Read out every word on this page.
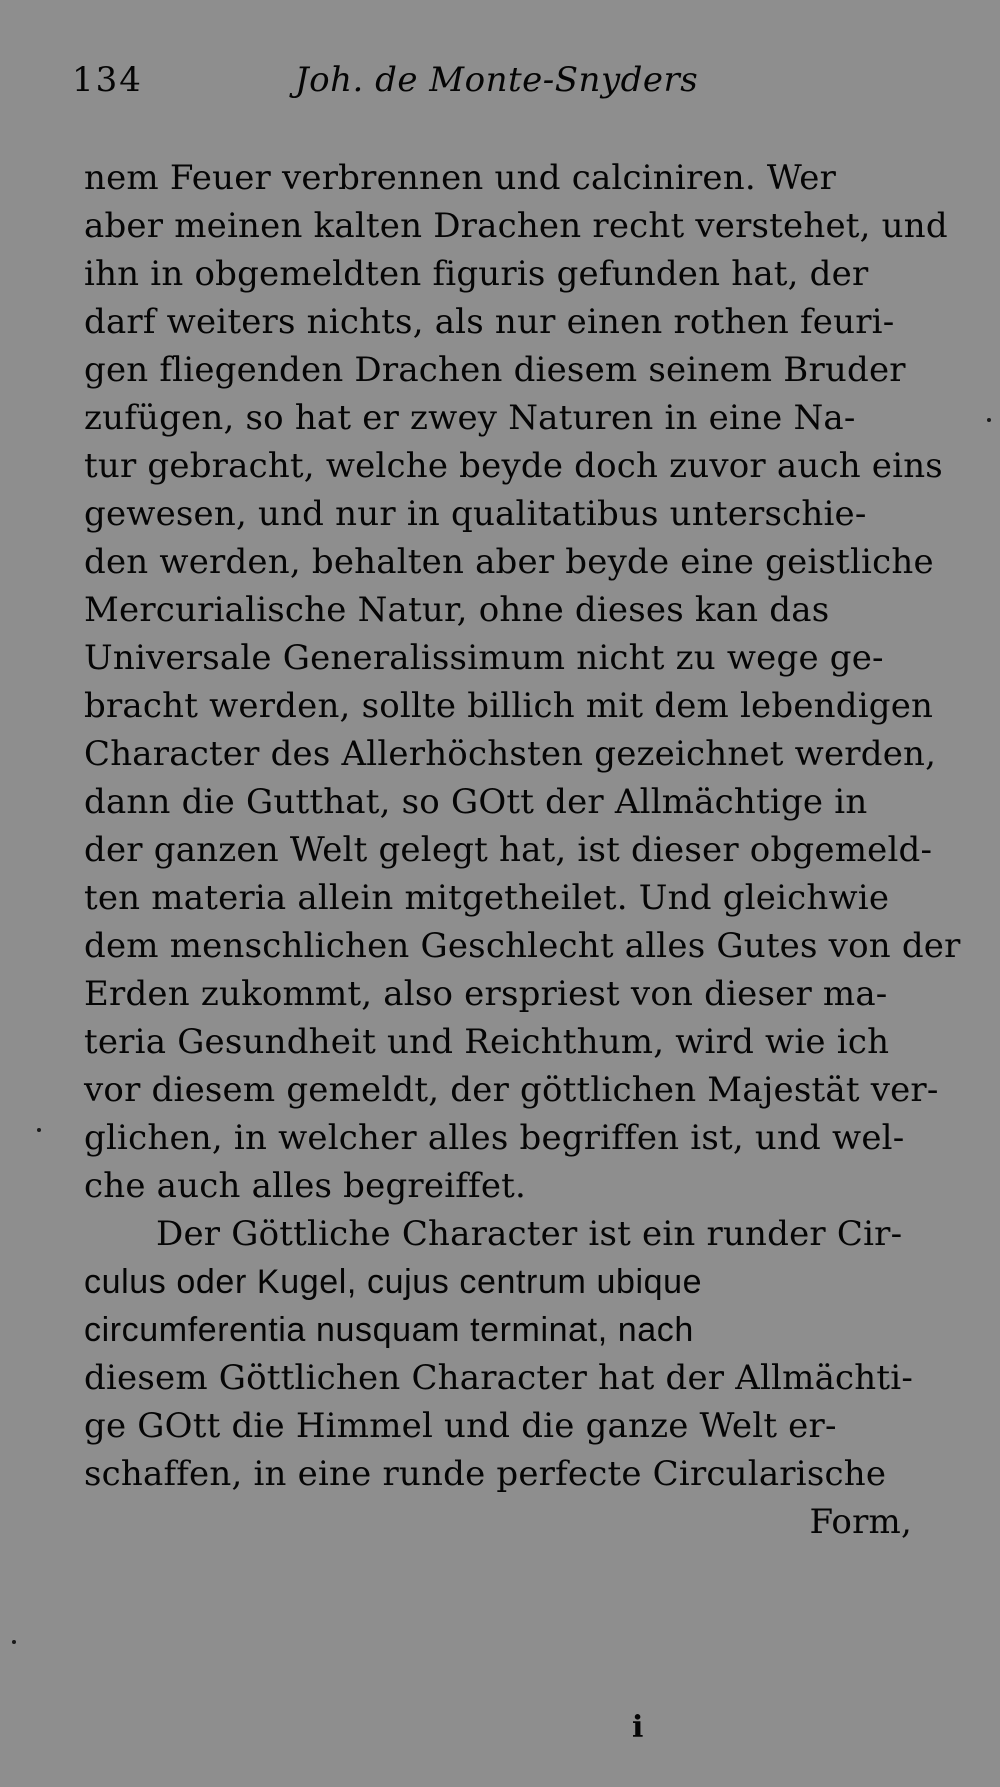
134	Joh. de Monte-Snyders
nem Feuer verbrennen und calciniren. Wer
aber meinen kalten Drachen recht verstehet, und
ihn in obgemeldten figuris gefunden hat, der
darf weiters nichts, als nur einen rothen feuri-
gen fliegenden Drachen diesem seinem Bruder
zufügen, so hat er zwey Naturen in eine Na-
tur gebracht, welche beyde doch zuvor auch eins
gewesen, und nur in qualitatibus unterschie-
den werden, behalten aber beyde eine geistliche
Mercurialische Natur, ohne dieses kan das
Universale Generalissimum nicht zu wege ge-
bracht werden, sollte billich mit dem lebendigen
Character des Allerhöchsten gezeichnet werden,
dann die Gutthat, so GOtt der Allmächtige in
der ganzen Welt gelegt hat, ist dieser obgemeld-
ten materia allein mitgetheilet. Und gleichwie
dem menschlichen Geschlecht alles Gutes von der
Erden zukommt, also erspriest von dieser ma-
teria Gesundheit und Reichthum, wird wie ich
vor diesem gemeldt, der göttlichen Majestät ver-
glichen, in welcher alles begriffen ist, und wel-
che auch alles begreiffet.
Der Göttliche Character ist ein runder Cir-
culus oder Kugel, cujus centrum ubique
circumferentia nusquam terminat, nach
diesem Göttlichen Character hat der Allmächti-
ge GOtt die Himmel und die ganze Welt er-
schaffen, in eine runde perfecte Circularische
Form,
i
